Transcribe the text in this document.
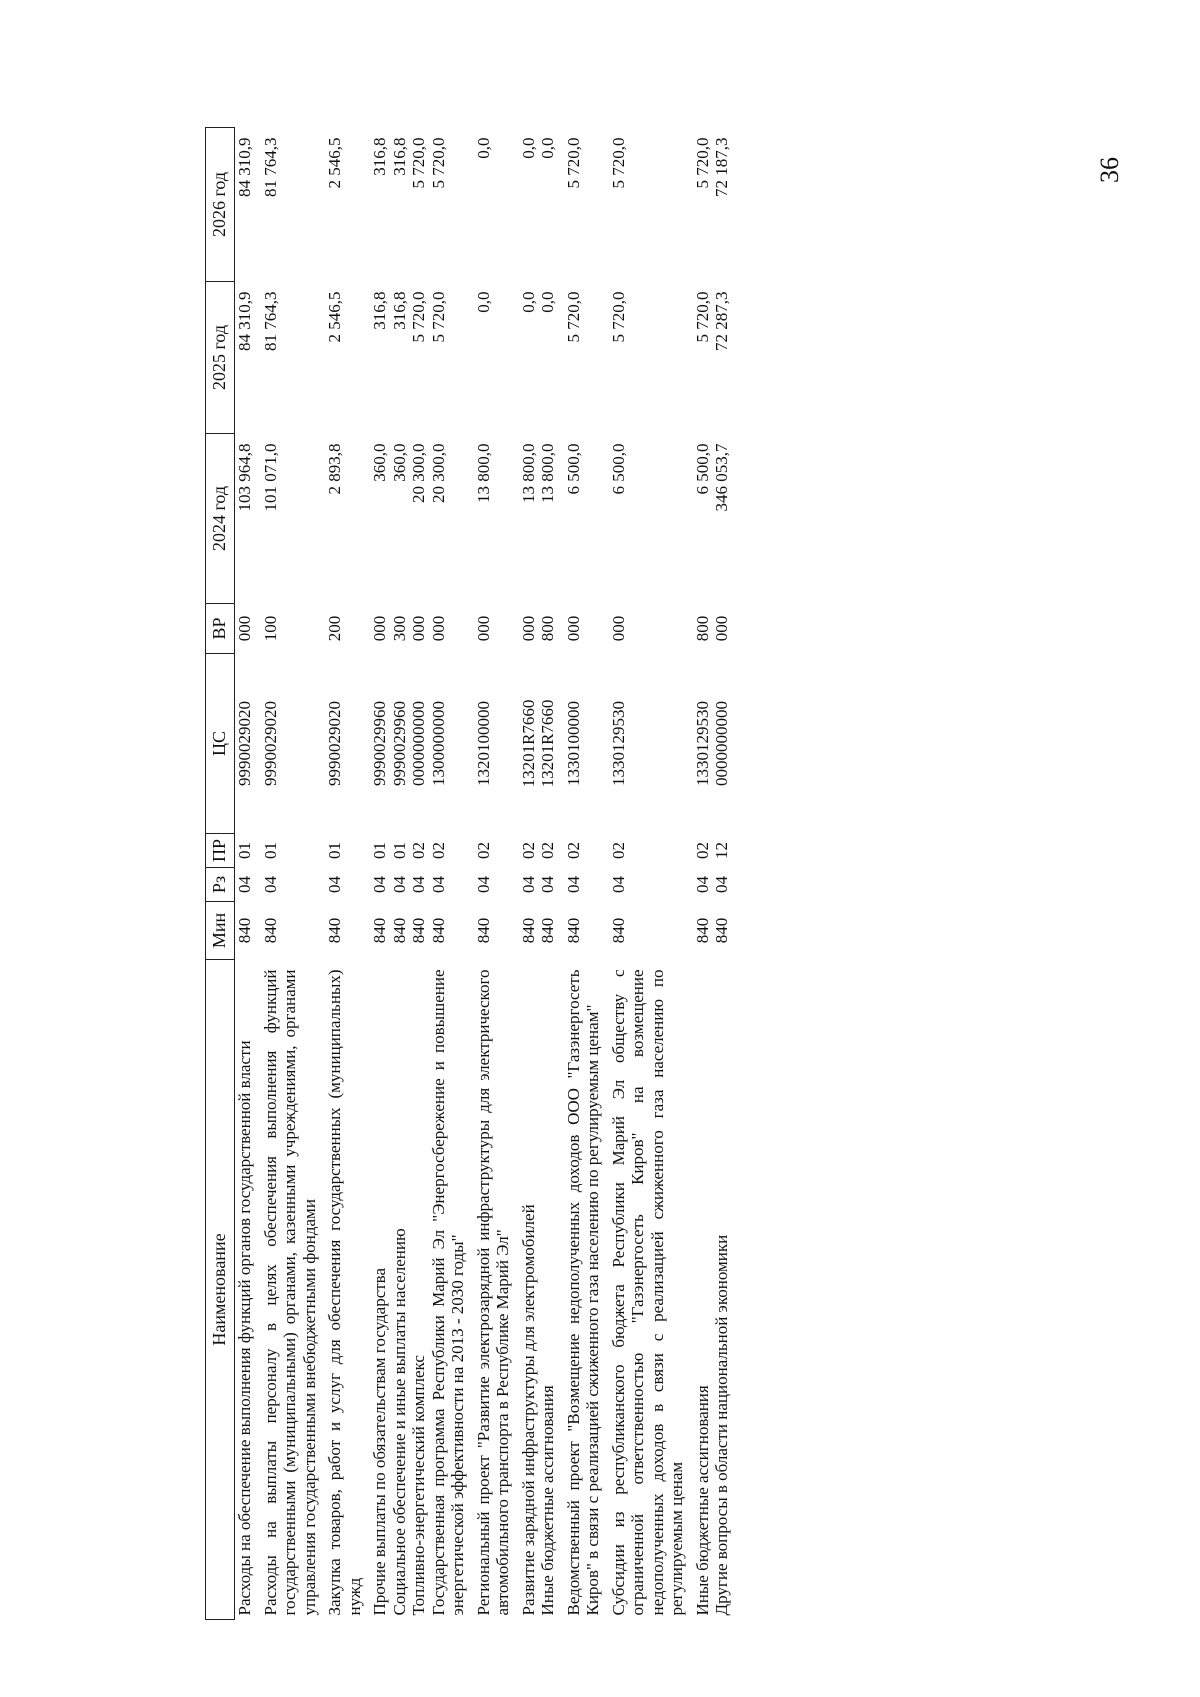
36
Наименование	Мин	Рз	ПР	ЦС	ВР	2024 год	2025 год	2026 год
Расходы на обеспечение выполнения функций органов государственной власти	840	04	01	9990029020	000	103 964,8	84 310,9	84 310,9
Расходы на выплаты персоналу в целях обеспечения выполнения функций государственными (муниципальными) органами, казенными учреждениями, органами управления государственными внебюджетными фондами	840	04	01	9990029020	100	101 071,0	81 764,3	81 764,3
Закупка товаров, работ и услуг для обеспечения государственных (муниципальных) нужд	840	04	01	9990029020	200	2 893,8	2 546,5	2 546,5
Прочие выплаты по обязательствам государства	840	04	01	9990029960	000	360,0	316,8	316,8
Социальное обеспечение и иные выплаты населению	840	04	01	9990029960	300	360,0	316,8	316,8
Топливно-энергетический комплекс	840	04	02	0000000000	000	20 300,0	5 720,0	5 720,0
Государственная программа Республики Марий Эл "Энергосбережение и повышение энергетической эффективности на 2013 - 2030 годы"	840	04	02	1300000000	000	20 300,0	5 720,0	5 720,0
Региональный проект "Развитие электрозарядной инфраструктуры для электрического автомобильного транспорта в Республике Марий Эл"	840	04	02	1320100000	000	13 800,0	0,0	0,0
Развитие зарядной инфраструктуры для электромобилей	840	04	02	13201R7660	000	13 800,0	0,0	0,0
Иные бюджетные ассигнования	840	04	02	13201R7660	800	13 800,0	0,0	0,0
Ведомственный проект "Возмещение недополученных доходов ООО "Газэнергосеть Киров" в связи с реализацией сжиженного газа населению по регулируемым ценам"	840	04	02	1330100000	000	6 500,0	5 720,0	5 720,0
Субсидии из республиканского бюджета Республики Марий Эл обществу с ограниченной ответственностью "Газэнергосеть Киров" на возмещение недополученных доходов в связи с реализацией сжиженного газа населению по регулируемым ценам	840	04	02	1330129530	000	6 500,0	5 720,0	5 720,0
Иные бюджетные ассигнования	840	04	02	1330129530	800	6 500,0	5 720,0	5 720,0
Другие вопросы в области национальной экономики	840	04	12	0000000000	000	346 053,7	72 287,3	72 187,3
